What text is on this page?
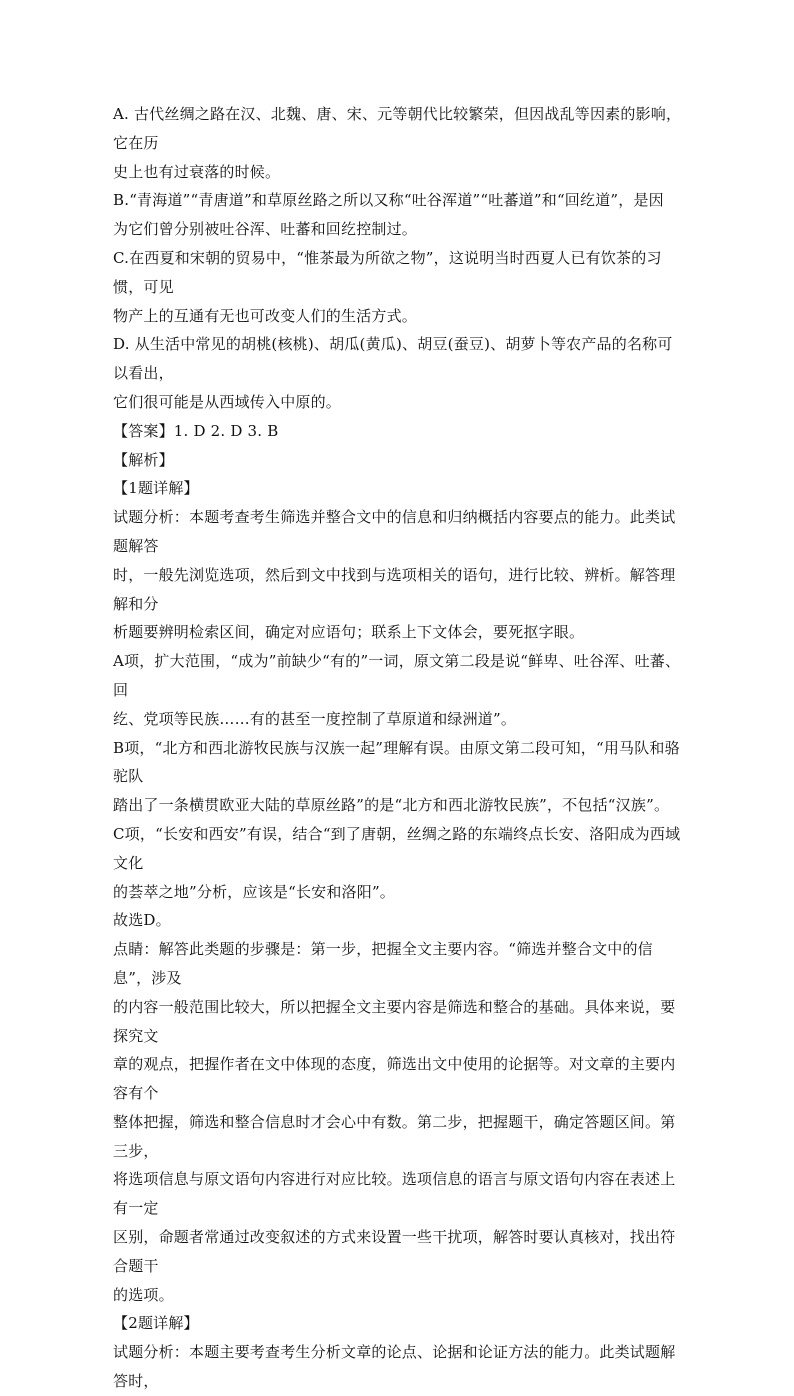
A. 古代丝绸之路在汉、北魏、唐、宋、元等朝代比较繁荣，但因战乱等因素的影响，它在历

史上也有过衰落的时候。

B.“青海道”“青唐道”和草原丝路之所以又称“吐谷浑道”“吐蕃道”和“回纥道”，是因

为它们曾分别被吐谷浑、吐蕃和回纥控制过。

C.在西夏和宋朝的贸易中，“惟茶最为所欲之物”，这说明当时西夏人已有饮茶的习惯，可见

物产上的互通有无也可改变人们的生活方式。

D. 从生活中常见的胡桃(核桃)、胡瓜(黄瓜)、胡豆(蚕豆)、胡萝卜等农产品的名称可以看出，

它们很可能是从西域传入中原的。

【答案】1. D 2. D 3. B

【解析】

【1题详解】

试题分析：本题考查考生筛选并整合文中的信息和归纳概括内容要点的能力。此类试题解答

时，一般先浏览选项，然后到文中找到与选项相关的语句，进行比较、辨析。解答理解和分

析题要辨明检索区间，确定对应语句；联系上下文体会，要死抠字眼。

A项，扩大范围，“成为”前缺少“有的”一词，原文第二段是说“鲜卑、吐谷浑、吐蕃、回

纥、党项等民族……有的甚至一度控制了草原道和绿洲道”。

B项，“北方和西北游牧民族与汉族一起”理解有误。由原文第二段可知，“用马队和骆驼队

踏出了一条横贯欧亚大陆的草原丝路”的是“北方和西北游牧民族”，不包括“汉族”。

C项，“长安和西安”有误，结合“到了唐朝，丝绸之路的东端终点长安、洛阳成为西域文化

的荟萃之地”分析，应该是“长安和洛阳”。

故选D。

点睛：解答此类题的步骤是：第一步，把握全文主要内容。“筛选并整合文中的信息”，涉及

的内容一般范围比较大，所以把握全文主要内容是筛选和整合的基础。具体来说，要探究文

章的观点，把握作者在文中体现的态度，筛选出文中使用的论据等。对文章的主要内容有个

整体把握，筛选和整合信息时才会心中有数。第二步，把握题干，确定答题区间。第三步，

将选项信息与原文语句内容进行对应比较。选项信息的语言与原文语句内容在表述上有一定

区别，命题者常通过改变叙述的方式来设置一些干扰项，解答时要认真核对，找出符合题干

的选项。

【2题详解】

试题分析：本题主要考查考生分析文章的论点、论据和论证方法的能力。此类试题解答时，
